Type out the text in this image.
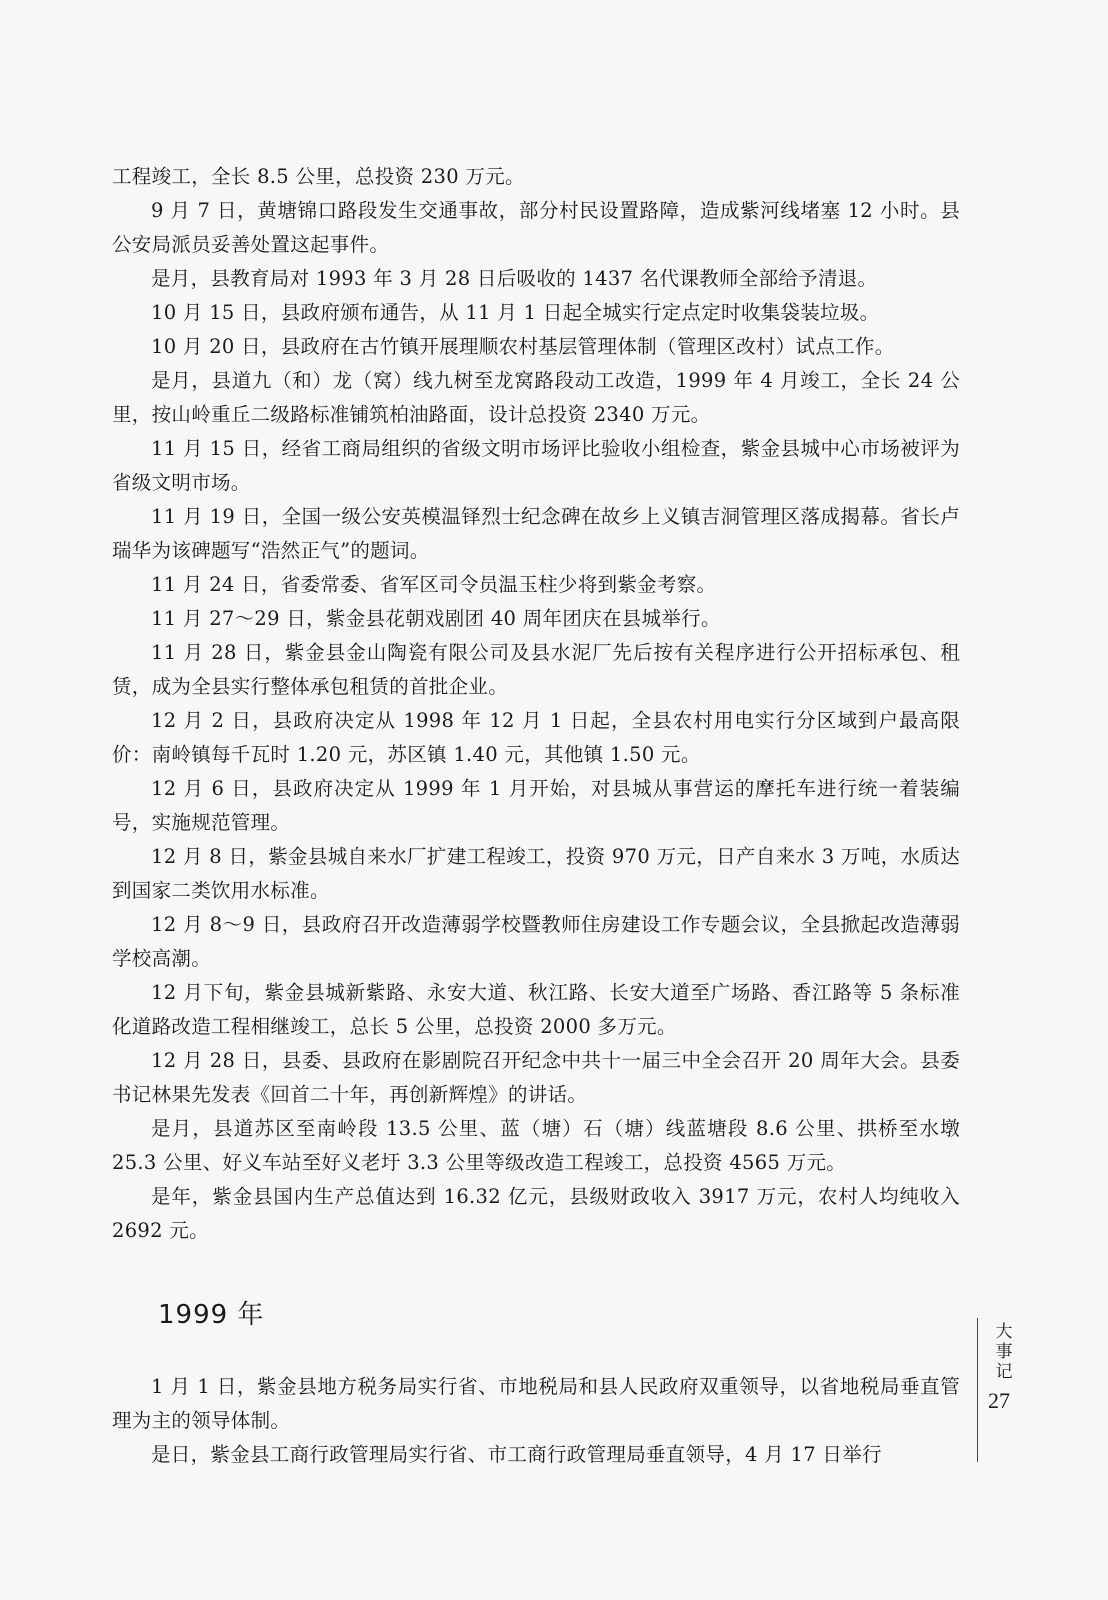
工程竣工，全长 8.5 公里，总投资 230 万元。

9 月 7 日，黄塘锦口路段发生交通事故，部分村民设置路障，造成紫河线堵塞 12 小时。县公安局派员妥善处置这起事件。

是月，县教育局对 1993 年 3 月 28 日后吸收的 1437 名代课教师全部给予清退。

10 月 15 日，县政府颁布通告，从 11 月 1 日起全城实行定点定时收集袋装垃圾。

10 月 20 日，县政府在古竹镇开展理顺农村基层管理体制（管理区改村）试点工作。

是月，县道九（和）龙（窝）线九树至龙窝路段动工改造，1999 年 4 月竣工，全长 24 公里，按山岭重丘二级路标准铺筑柏油路面，设计总投资 2340 万元。

11 月 15 日，经省工商局组织的省级文明市场评比验收小组检查，紫金县城中心市场被评为省级文明市场。

11 月 19 日，全国一级公安英模温铎烈士纪念碑在故乡上义镇吉洞管理区落成揭幕。省长卢瑞华为该碑题写“浩然正气”的题词。

11 月 24 日，省委常委、省军区司令员温玉柱少将到紫金考察。

11 月 27～29 日，紫金县花朝戏剧团 40 周年团庆在县城举行。

11 月 28 日，紫金县金山陶瓷有限公司及县水泥厂先后按有关程序进行公开招标承包、租赁，成为全县实行整体承包租赁的首批企业。

12 月 2 日，县政府决定从 1998 年 12 月 1 日起，全县农村用电实行分区域到户最高限价：南岭镇每千瓦时 1.20 元，苏区镇 1.40 元，其他镇 1.50 元。

12 月 6 日，县政府决定从 1999 年 1 月开始，对县城从事营运的摩托车进行统一着装编号，实施规范管理。

12 月 8 日，紫金县城自来水厂扩建工程竣工，投资 970 万元，日产自来水 3 万吨，水质达到国家二类饮用水标准。

12 月 8～9 日，县政府召开改造薄弱学校暨教师住房建设工作专题会议，全县掀起改造薄弱学校高潮。

12 月下旬，紫金县城新紫路、永安大道、秋江路、长安大道至广场路、香江路等 5 条标准化道路改造工程相继竣工，总长 5 公里，总投资 2000 多万元。

12 月 28 日，县委、县政府在影剧院召开纪念中共十一届三中全会召开 20 周年大会。县委书记林果先发表《回首二十年，再创新辉煌》的讲话。

是月，县道苏区至南岭段 13.5 公里、蓝（塘）石（塘）线蓝塘段 8.6 公里、拱桥至水墩 25.3 公里、好义车站至好义老圩 3.3 公里等级改造工程竣工，总投资 4565 万元。

是年，紫金县国内生产总值达到 16.32 亿元，县级财政收入 3917 万元，农村人均纯收入 2692 元。

1999 年

1 月 1 日，紫金县地方税务局实行省、市地税局和县人民政府双重领导，以省地税局垂直管理为主的领导体制。

是日，紫金县工商行政管理局实行省、市工商行政管理局垂直领导，4 月 17 日举行

大事记
27
